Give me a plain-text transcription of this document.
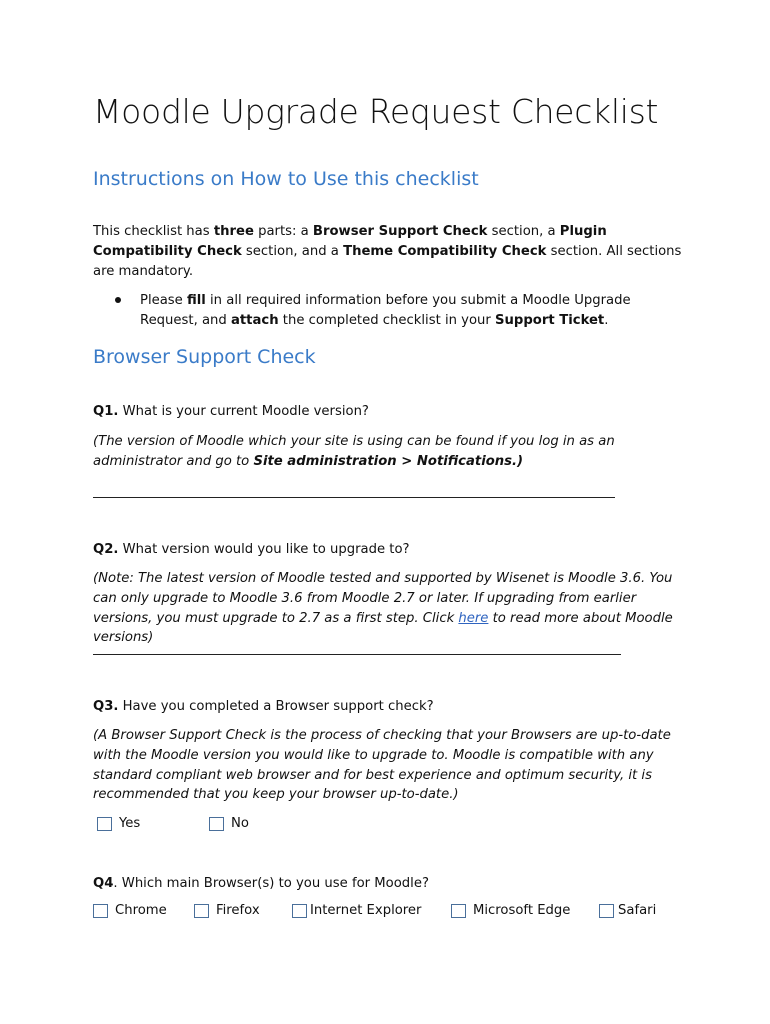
Moodle Upgrade Request Checklist
Instructions on How to Use this checklist

This checklist has three parts: a Browser Support Check section, a Plugin Compatibility Check section, and a Theme Compatibility Check section. All sections are mandatory.

Please fill in all required information before you submit a Moodle Upgrade Request, and attach the completed checklist in your Support Ticket.
Browser Support Check

Q1. What is your current Moodle version?

(The version of Moodle which your site is using can be found if you log in as an administrator and go to Site administration > Notifications.)

Q2. What version would you like to upgrade to?

(Note: The latest version of Moodle tested and supported by Wisenet is Moodle 3.6. You can only upgrade to Moodle 3.6 from Moodle 2.7 or later. If upgrading from earlier versions, you must upgrade to 2.7 as a first step. Click here to read more about Moodle versions)

Q3. Have you completed a Browser support check?

(A Browser Support Check is the process of checking that your Browsers are up-to-date with the Moodle version you would like to upgrade to. Moodle is compatible with any standard compliant web browser and for best experience and optimum security, it is recommended that you keep your browser up-to-date.)

Yes	No

Q4. Which main Browser(s) to you use for Moodle?

Chrome	Firefox	Internet Explorer	Microsoft Edge	Safari
